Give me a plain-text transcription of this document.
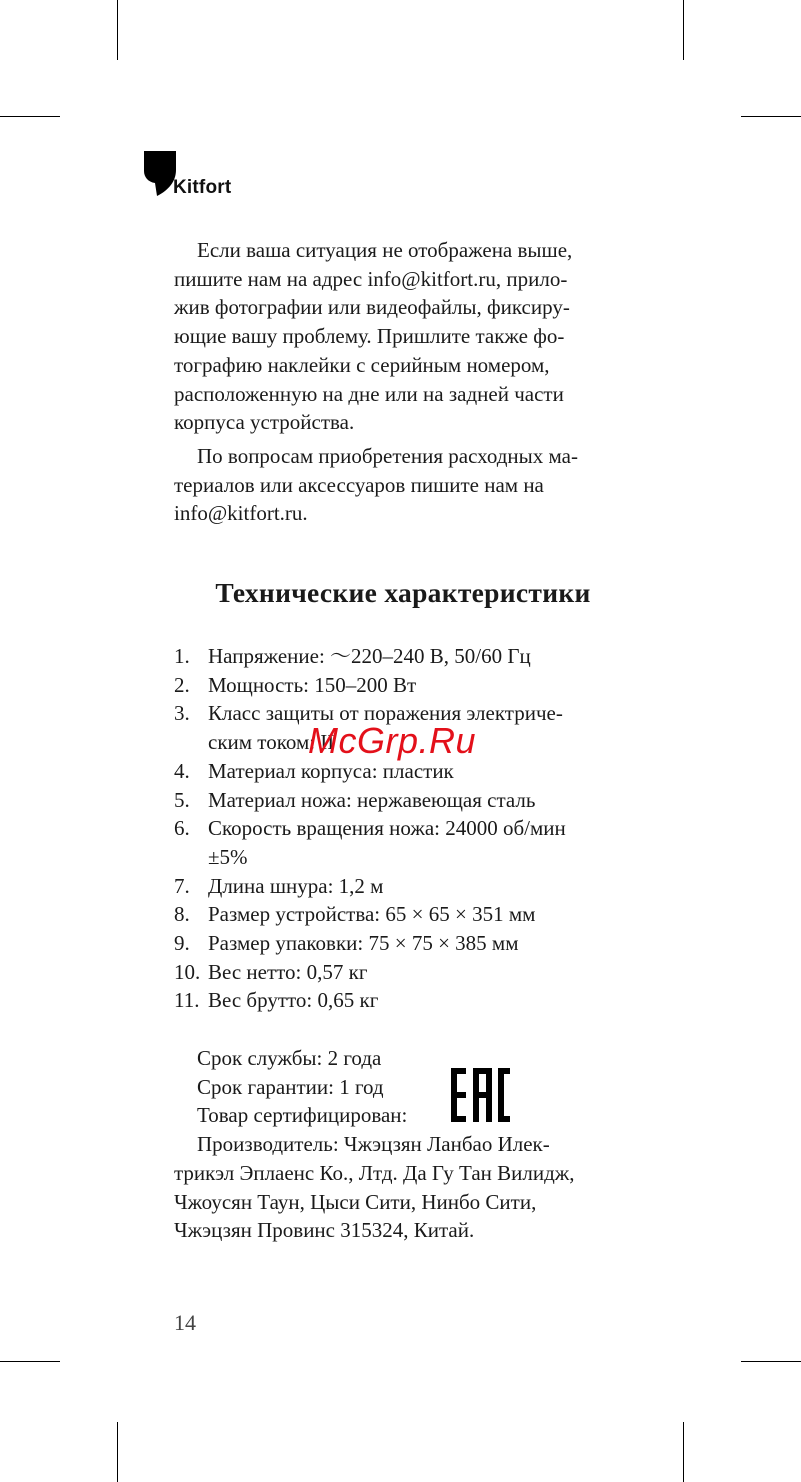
Kitfort

Если ваша ситуация не отображена выше,
пишите нам на адрес info@kitfort.ru, прило-
жив фотографии или видеофайлы, фиксиру-
ющие вашу проблему. Пришлите также фо-
тографию наклейки с серийным номером,
расположенную на дне или на задней части
корпуса устройства.

По вопросам приобретения расходных ма-
териалов или аксессуаров пишите нам на
info@kitfort.ru.

Технические характеристики
1. Напряжение: ～220–240 В, 50/60 Гц
2. Мощность: 150–200 Вт
3. Класс защиты от поражения электриче-
ским током: II
4. Материал корпуса: пластик
5. Материал ножа: нержавеющая сталь
6. Скорость вращения ножа: 24000 об/мин
±5%
7. Длина шнура: 1,2 м
8. Размер устройства: 65 × 65 × 351 мм
9. Размер упаковки: 75 × 75 × 385 мм
10. Вес нетто: 0,57 кг
11. Вес брутто: 0,65 кг
McGrp.Ru

Срок службы: 2 года

Срок гарантии: 1 год

Товар сертифицирован:

Производитель: Чжэцзян Ланбао Илек-
трикэл Эплаенс Ко., Лтд. Да Гу Тан Вилидж,
Чжоусян Таун, Цыси Сити, Нинбо Сити,
Чжэцзян Провинс 315324, Китай.

14
